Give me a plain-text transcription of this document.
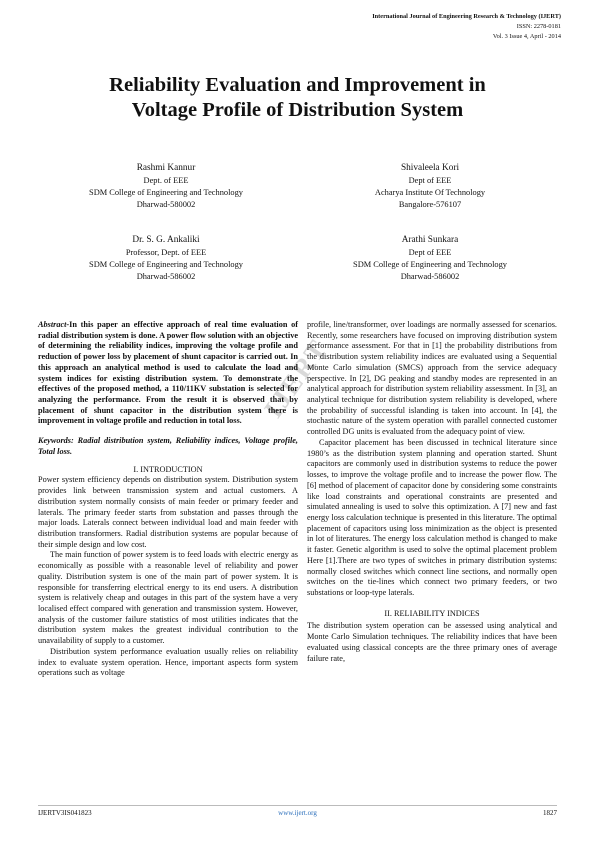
International Journal of Engineering Research & Technology (IJERT)
ISSN: 2278-0181
Vol. 3 Issue 4, April - 2014
Reliability Evaluation and Improvement in
Voltage Profile of Distribution System
Rashmi Kannur
Dept. of EEE
SDM College of Engineering and Technology
Dharwad-580002
Shivaleela Kori
Dept of EEE
Acharya Institute Of Technology
Bangalore-576107
Dr. S. G. Ankaliki
Professor, Dept. of EEE
SDM College of Engineering and Technology
Dharwad-586002
Arathi Sunkara
Dept of EEE
SDM College of Engineering and Technology
Dharwad-586002
IJERT

Abstract-In this paper an effective approach of real time evaluation of radial distribution system is done. A power flow solution with an objective of determining the reliability indices, improving the voltage profile and reduction of power loss by placement of shunt capacitor is carried out. In this approach an analytical method is used to calculate the load and system indices for existing distribution system. To demonstrate the effectives of the proposed method, a 110/11KV substation is selected for analyzing the performance. From the result it is observed that by placement of shunt capacitor in the distribution system there is improvement in voltage profile and reduction in total loss.

Keywords: Radial distribution system, Reliability indices, Voltage profile, Total loss.

I. INTRODUCTION

Power system efficiency depends on distribution system. Distribution system provides link between transmission system and actual customers. A distribution system normally consists of main feeder or primary feeder and laterals. The primary feeder starts from substation and passes through the major loads. Laterals connect between individual load and main feeder with distribution transformers. Radial distribution systems are popular because of their simple design and low cost.

The main function of power system is to feed loads with electric energy as economically as possible with a reasonable level of reliability and power quality. Distribution system is one of the main part of power system. It is responsible for transferring electrical energy to its end users. A distribution system is relatively cheap and outages in this part of the system have a very localised effect compared with generation and transmission system. However, analysis of the customer failure statistics of most utilities indicates that the distribution system makes the greatest individual contribution to the unavailability of supply to a customer.

Distribution system performance evaluation usually relies on reliability index to evaluate system operation. Hence, important aspects form system operations such as voltage

profile, line/transformer, over loadings are normally assessed for scenarios. Recently, some researchers have focused on improving distribution system performance assessment. For that in [1] the probability distributions from the distribution system reliability indices are evaluated using a Sequential Monte Carlo simulation (SMCS) approach from the service adequacy perspective. In [2], DG peaking and standby modes are represented in an analytical approach for distribution system reliability assessment. In [3], an analytical technique for distribution system reliability is developed, where the probability of successful islanding is taken into account. In [4], the stochastic nature of the system operation with parallel connected customer controlled DG units is evaluated from the adequacy point of view.

Capacitor placement has been discussed in technical literature since 1980’s as the distribution system planning and operation started. Shunt capacitors are commonly used in distribution systems to reduce the power losses, to improve the voltage profile and to increase the power flow. The [6] method of placement of capacitor done by considering some constraints like load constraints and operational constraints are presented and simulated annealing is used to solve this optimization. A [7] new and fast energy loss calculation technique is presented in this literature. The optimal placement of capacitors using loss minimization as the object is presented in lot of literatures. The energy loss calculation method is changed to make it faster. Genetic algorithm is used to solve the optimal placement problem Here [1].There are two types of switches in primary distribution systems: normally closed switches which connect line sections, and normally open switches on the tie-lines which connect two primary feeders, or two substations or loop-type laterals.

II. RELIABILITY INDICES

The distribution system operation can be assessed using analytical and Monte Carlo Simulation techniques. The reliability indices that have been evaluated using classical concepts are the three primary ones of average failure rate,

IJERTV3IS041823	www.ijert.org	1827
